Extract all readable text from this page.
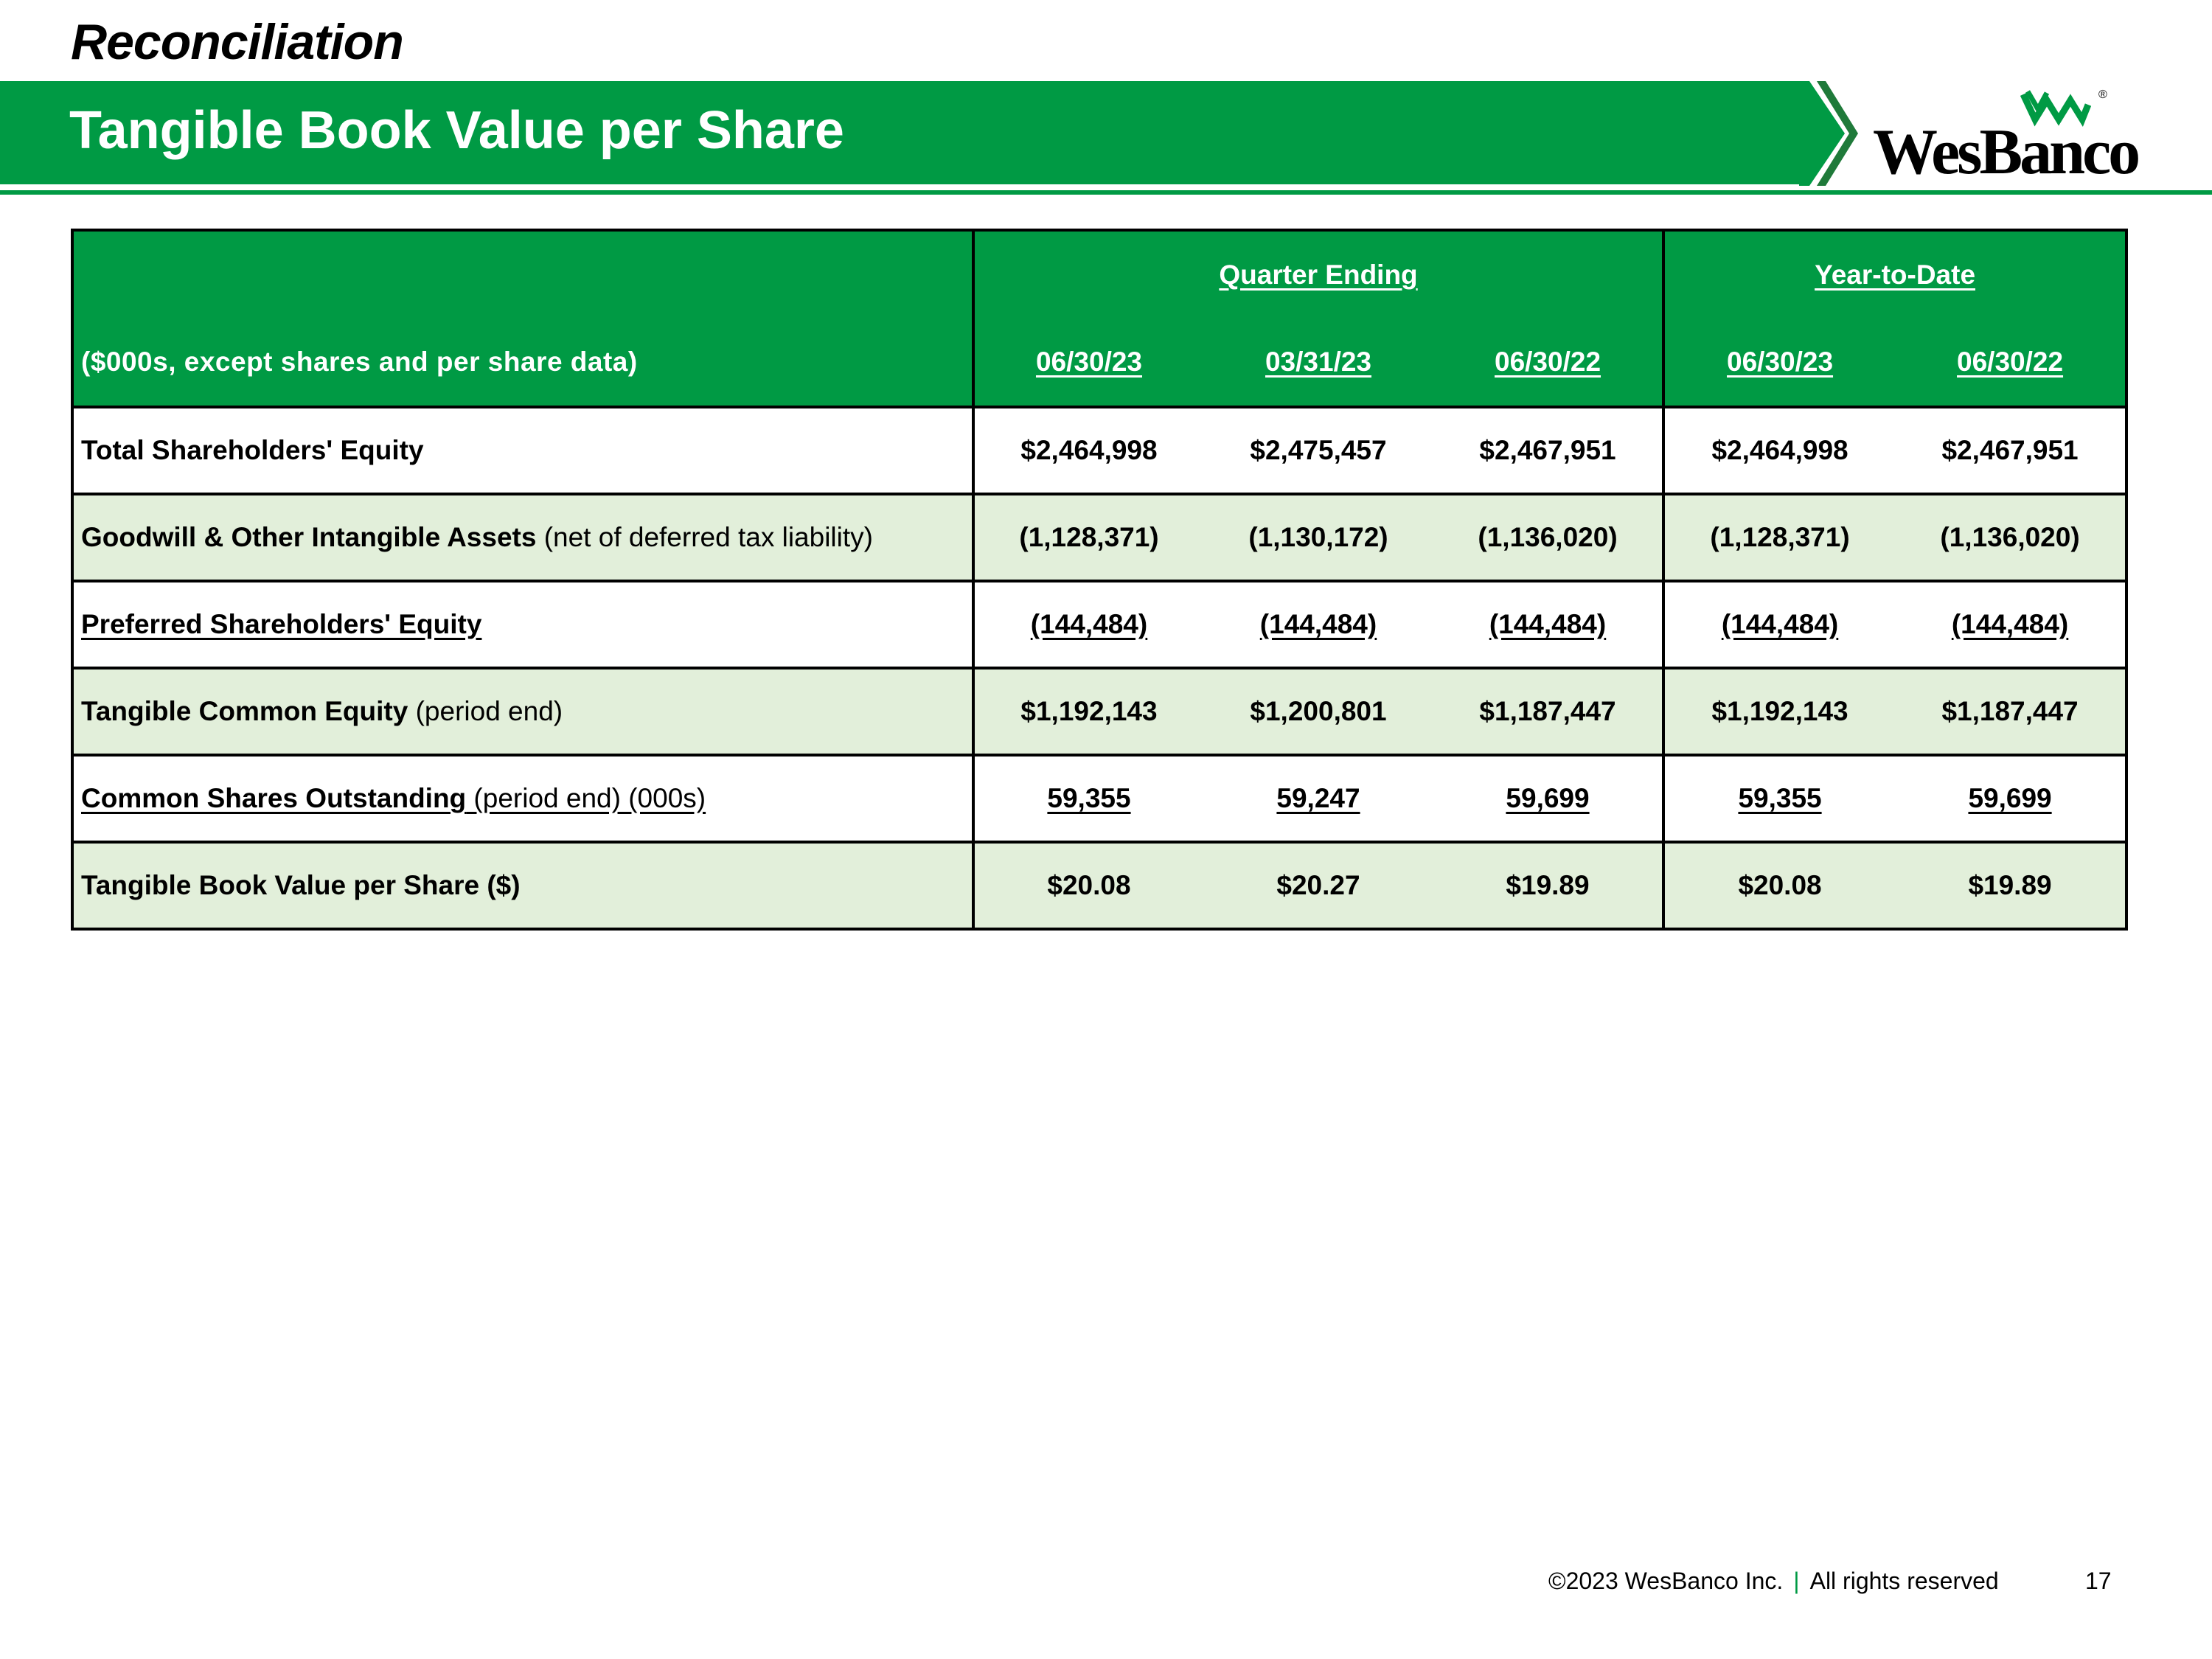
Reconciliation
Tangible Book Value per Share
®
WesBanco
	Quarter Ending			Year-to-Date	
($000s, except shares and per share data)	06/30/23	03/31/23	06/30/22	06/30/23	06/30/22
Total Shareholders' Equity	$2,464,998	$2,475,457	$2,467,951	$2,464,998	$2,467,951
Goodwill & Other Intangible Assets (net of deferred tax liability)	(1,128,371)	(1,130,172)	(1,136,020)	(1,128,371)	(1,136,020)
Preferred Shareholders' Equity	(144,484)	(144,484)	(144,484)	(144,484)	(144,484)
Tangible Common Equity (period end)	$1,192,143	$1,200,801	$1,187,447	$1,192,143	$1,187,447
Common Shares Outstanding (period end) (000s)	59,355	59,247	59,699	59,355	59,699
Tangible Book Value per Share ($)	$20.08	$20.27	$19.89	$20.08	$19.89
©2023 WesBanco Inc. | All rights reserved	17
